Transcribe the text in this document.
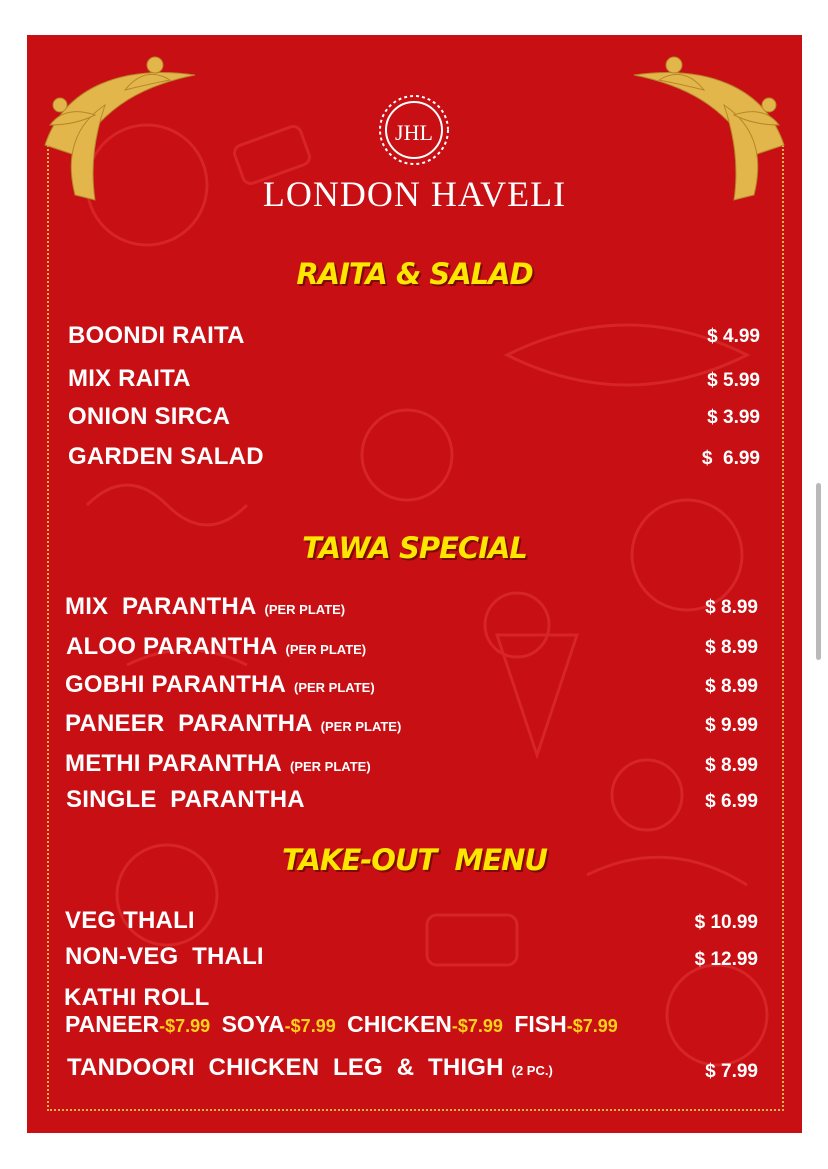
JHL
LONDON HAVELI
RAITA & SALAD
BOONDI RAITA	$ 4.99
MIX RAITA	$ 5.99
ONION SIRCA	$ 3.99
GARDEN SALAD	$  6.99
TAWA SPECIAL
MIX  PARANTHA (PER PLATE)	$ 8.99
ALOO PARANTHA (PER PLATE)	$ 8.99
GOBHI PARANTHA (PER PLATE)	$ 8.99
PANEER  PARANTHA (PER PLATE)	$ 9.99
METHI PARANTHA (PER PLATE)	$ 8.99
SINGLE  PARANTHA	$ 6.99
TAKE-OUT  MENU
VEG THALI	$ 10.99
NON-VEG  THALI	$ 12.99
KATHI ROLL
PANEER-$7.99 SOYA-$7.99 CHICKEN-$7.99 FISH-$7.99
TANDOORI  CHICKEN  LEG  &  THIGH (2 PC.)	$ 7.99
